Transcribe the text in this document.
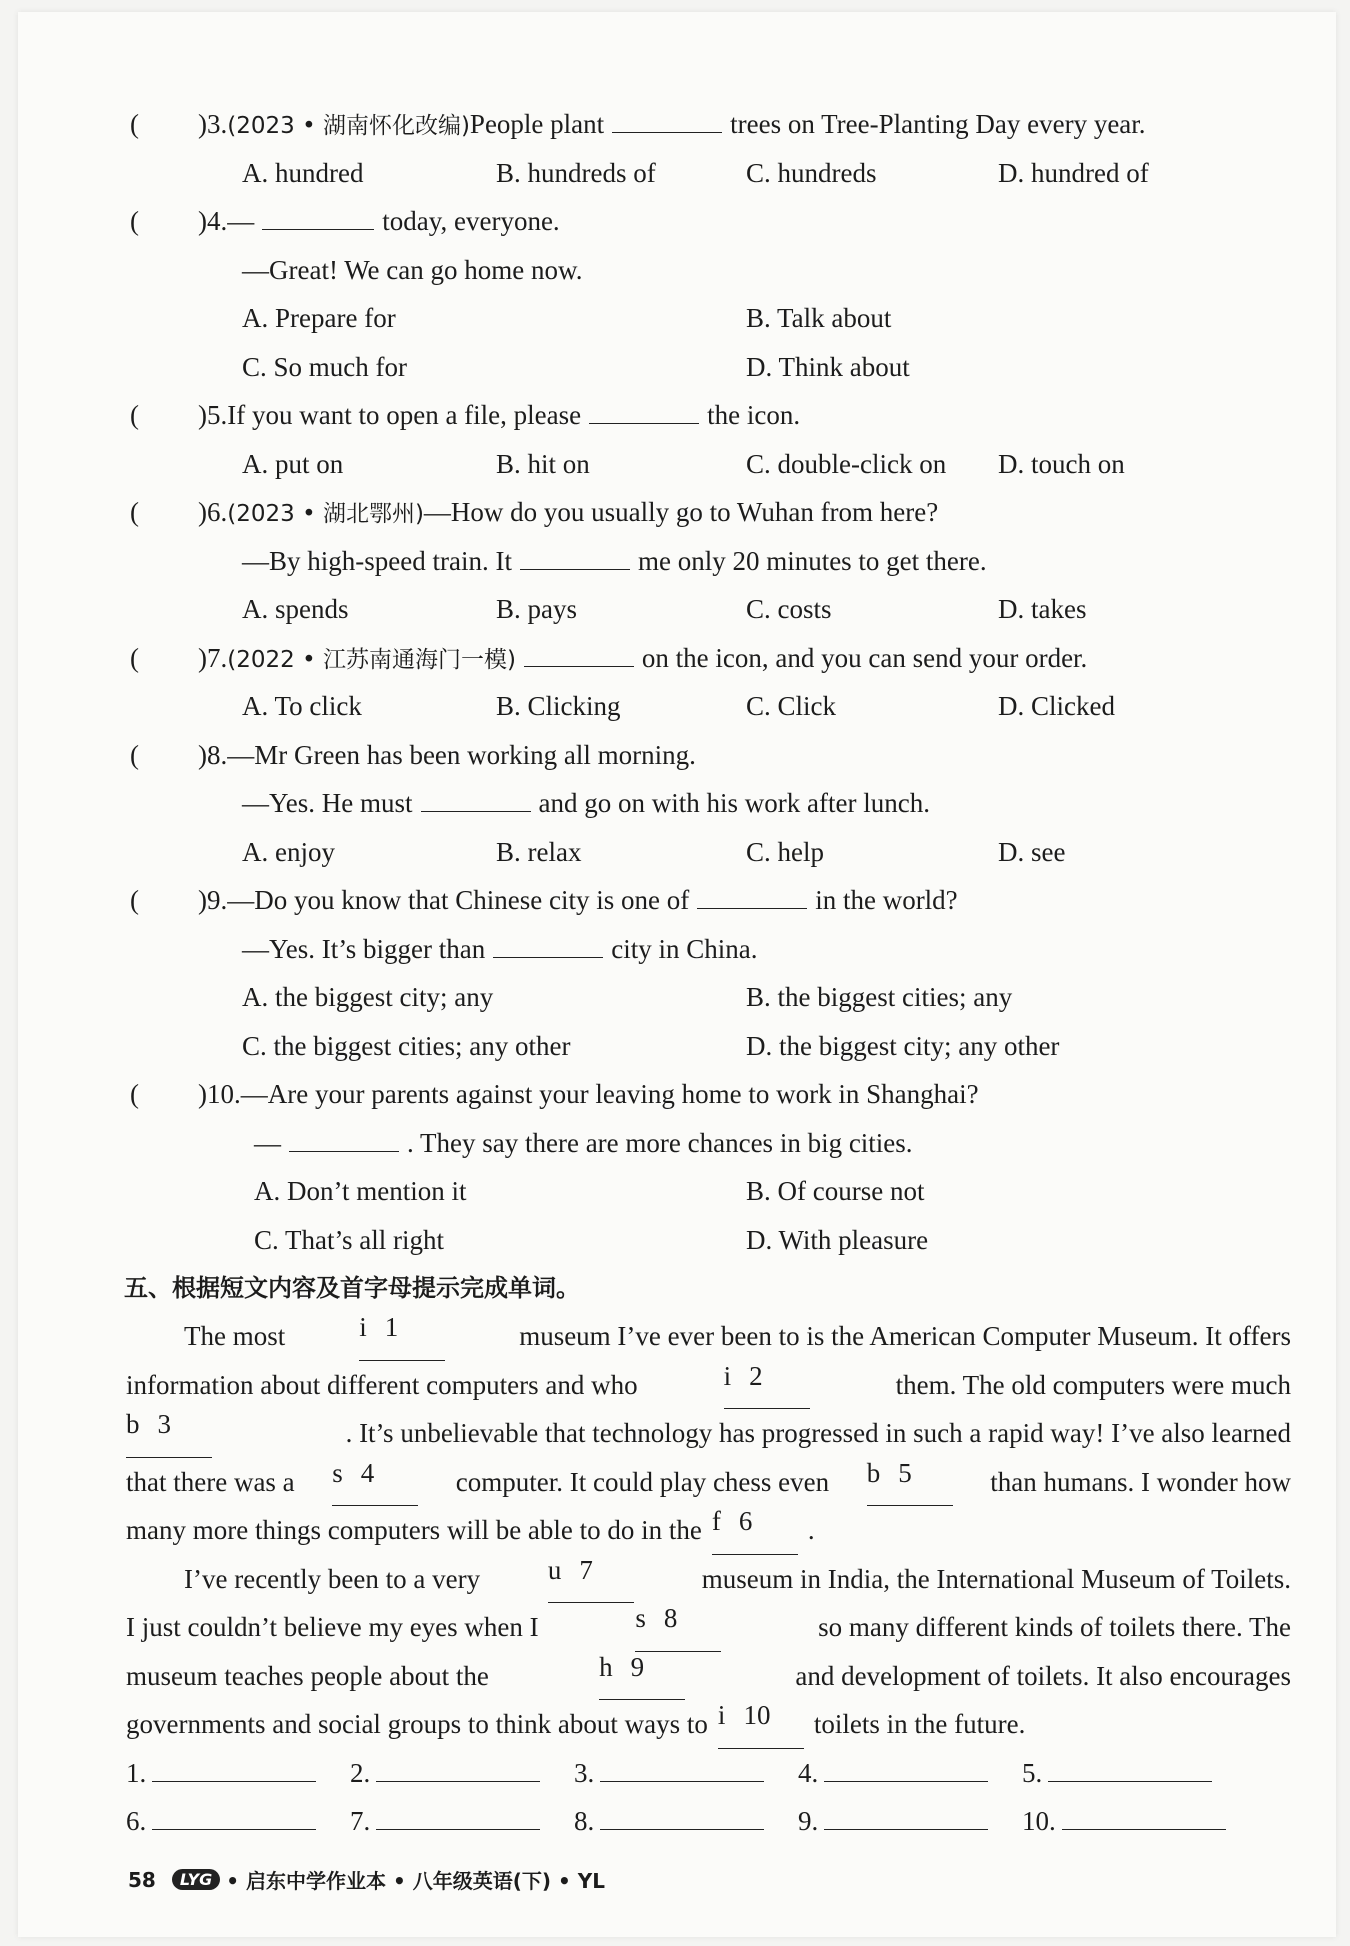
( )3.(2023 • 湖南怀化改编)People plant	trees on Tree-Planting Day every year.
A. hundred	B. hundreds of	C. hundreds	D. hundred of
( )4.—	today, everyone.
—Great! We can go home now.
A. Prepare for	B. Talk about
C. So much for	D. Think about
( )5.If you want to open a file, please	the icon.
A. put on	B. hit on	C. double-click on D. touch on
( )6.(2023 • 湖北鄂州)—How do you usually go to Wuhan from here?
—By high-speed train. It	me only 20 minutes to get there.
A. spends	B. pays	C. costs	D. takes
( )7.(2022 • 江苏南通海门一模)	on the icon, and you can send your order.
A. To click	B. Clicking	C. Click	D. Clicked
( )8.—Mr Green has been working all morning.
—Yes. He must	and go on with his work after lunch.
A. enjoy	B. relax	C. help	D. see
( )9.—Do you know that Chinese city is one of	in the world?
—Yes. It’s bigger than	city in China.
A. the biggest city; any	B. the biggest cities; any
C. the biggest cities; any other	D. the biggest city; any other
( )10.—Are your parents against your leaving home to work in Shanghai?
—	. They say there are more chances in big cities.
A. Don’t mention it	B. Of course not
C. That’s all right	D. With pleasure
五、根据短文内容及首字母提示完成单词。
The most	i 1	museum I’ve ever been to is the American Computer Museum. It offers
information about different computers and who	i 2	them. The old computers were much
b 3	. It’s unbelievable that technology has progressed in such a rapid way! I’ve also learned
that there was a s 4	computer. It could play chess even b 5	than humans. I wonder how
many more things computers will be able to do in the f 6	.
I’ve recently been to a very	u 7	museum in India, the International Museum of Toilets.
I just couldn’t believe my eyes when I	s 8	so many different kinds of toilets there. The
museum teaches people about the	h 9	and development of toilets. It also encourages
governments and social groups to think about ways to i 10	toilets in the future.
1.	2.	3.	4.	5.
6.	7.	8.	9.	10.
58	LYG • 启东中学作业本 • 八年级英语(下) • YL
